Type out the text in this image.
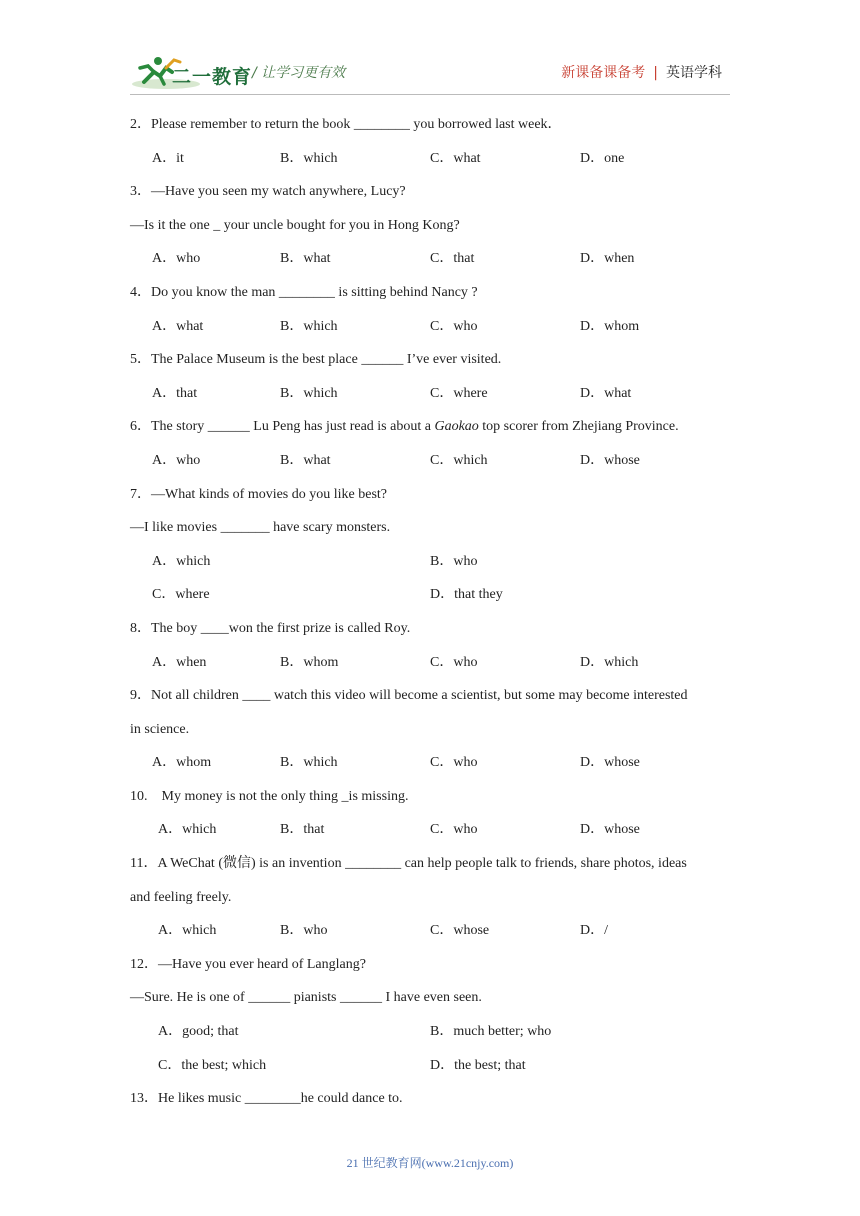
二一教育 / 让学习更有效	新课备课备考 | 英语学科
2．Please remember to return the book ________ you borrowed last week．
A．it	B．which	C．what	D．one
3．—Have you seen my watch anywhere, Lucy?
—Is it the one _ your uncle bought for you in Hong Kong?
A．who	B．what	C．that	D．when
4．Do you know the man ________ is sitting behind Nancy ?
A．what	B．which	C．who	D．whom
5．The Palace Museum is the best place ______ I’ve ever visited.
A．that	B．which	C．where	D．what
6．The story ______ Lu Peng has just read is about a Gaokao top scorer from Zhejiang Province.
A．who	B．what	C．which	D．whose
7．—What kinds of movies do you like best?
—I like movies _______ have scary monsters.
A．which	B．who
C．where	D．that they
8．The boy ____won the first prize is called Roy.
A．when	B．whom	C．who	D．which
9．Not all children ____ watch this video will become a scientist, but some may become interested
in science.
A．whom	B．which	C．who	D．whose
10.　My money is not the only thing _is missing.
A．which	B．that	C．who	D．whose
11．A WeChat (微信) is an invention ________ can help people talk to friends, share photos, ideas
and feeling freely.
A．which	B．who	C．whose	D．/
12．—Have you ever heard of Langlang?
—Sure. He is one of ______ pianists ______ I have even seen.
A．good; that	B．much better; who
C．the best; which	D．the best; that
13．He likes music ________he could dance to.
21 世纪教育网(www.21cnjy.com)
